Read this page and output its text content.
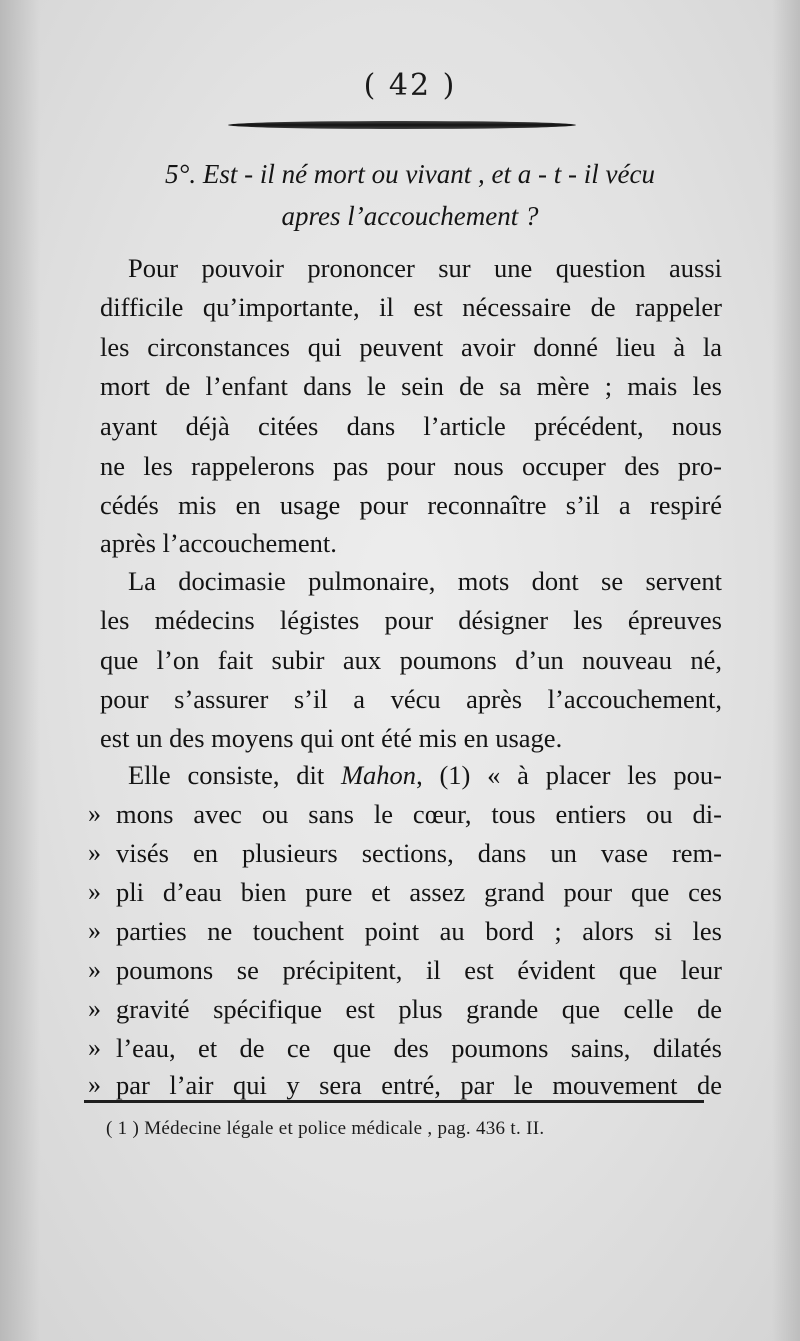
( 42 )
5°. Est - il né mort ou vivant , et a - t - il vécu
apres l’accouchement ?
Pour pouvoir prononcer sur une question aussi
difficile qu’importante, il est nécessaire de rappeler
les circonstances qui peuvent avoir donné lieu à la
mort de l’enfant dans le sein de sa mère ; mais les
ayant déjà citées dans l’article précédent, nous
ne les rappelerons pas pour nous occuper des pro-
cédés mis en usage pour reconnaître s’il a respiré
après l’accouchement.
La docimasie pulmonaire, mots dont se servent
les médecins légistes pour désigner les épreuves
que l’on fait subir aux poumons d’un nouveau né,
pour s’assurer s’il a vécu après l’accouchement,
est un des moyens qui ont été mis en usage.
Elle consiste, dit Mahon, (1) « à placer les pou-
» mons avec ou sans le cœur, tous entiers ou di-
» visés en plusieurs sections, dans un vase rem-
» pli d’eau bien pure et assez grand pour que ces
» parties ne touchent point au bord ; alors si les
» poumons se précipitent, il est évident que leur
» gravité spécifique est plus grande que celle de
» l’eau, et de ce que des poumons sains, dilatés
» par l’air qui y sera entré, par le mouvement de
( 1 ) Médecine légale et police médicale , pag. 436 t. II.
